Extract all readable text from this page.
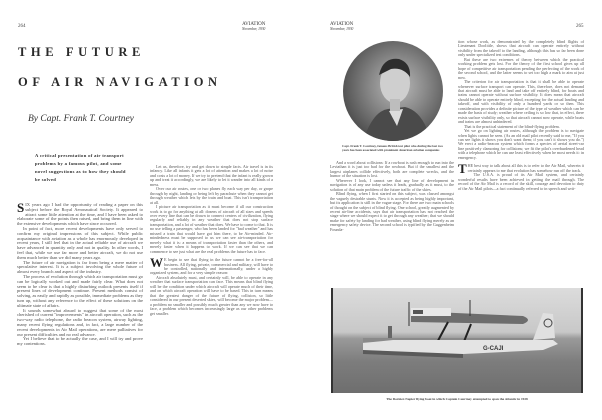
264	AVIATION
November, 1930
THE FUTURE
OF AIR NAVIGATION
By Capt. Frank T. Courtney
A critical presentation of air transport problems by a famous pilot, and some novel suggestions as to how they should be solved

SIX years ago I had the opportunity of reading a paper on this subject before the Royal Aeronautical Society. It appeared to attract some little attention at the time, and I have been asked to elaborate some of the points then raised, and bring them in line with the extensive developments which have since occurred.

In point of fact, more recent developments have only served to confirm my original impressions of this subject. While public acquaintance with aviation as a whole has enormously developed in recent years, I still feel that in the actual reliable use of aircraft we have advanced in quantity only and not in quality. In other words, I feel that, while we use far more and better aircraft, we do not use them much better than we did many years ago.

The future of air navigation is far from being a mere matter of speculative interest. It is a subject involving the whole future of almost every branch and aspect of the industry.

The process of evolution through which air transportation must go can be logically worked out and made fairly clear. What does not seem to be clear is that a highly disturbing outlook presents itself if present lines of development continue. Present methods consist of solving, as easily and rapidly as possible, immediate problems as they turn up, without any reference to the effect of these solutions on the ultimate state of affairs.

It sounds somewhat absurd to suggest that some of the most cherished of current "improvements" in aircraft operation, such as the two-way radio telephone, the radio beacon system, airway lighting, many recent flying regulations and, in fact, a large number of the recent developments in Air Mail operations, are mere palliatives for our present difficulties and no real advance.

Yet I believe that to be actually the case, and I will try and prove my contentions.

Let us, therefore, try and get down to simple facts. Air travel is in its infancy. Like all infants it gets a lot of attention and makes a lot of noise and costs a lot of money. If we try to pretend that the infant is really grown up and treat it accordingly, we are likely to let it wander into all kinds of a mess.

Over our air routes, one or two planes fly each way per day, or grope through by night, landing or being left by parachute when they cannot get through weather which lets by the train and boat. This isn't transportation at all.

I picture air transportation as it must become if all our construction work is to go for anything at all: dozens of aircraft of all sizes and speeds over every line that can be drawn to connect centers of civilization, flying regularly and reliably in any weather that does not stop surface transportation, and a lot of weather that does. We have to come to that. It is no use telling a passenger, who has been landed for "bad weather" and has missed a train that would have got him there, to be Air-minded. Air-mindedness must be supposed to us we can see air-transportation for merely what it is: a means of transportation faster than the others, and merely faster when it happens to work. If we can see that we can commence to see just what are the real problems the future has to face.

W E begin to see that flying in the future cannot be a free-for-all business. All flying, private, commercial and military, will have to be controlled, nationally and internationally, under a highly organized system, and for a very simple reason:

Aircraft absolutely must, and certainly will, be able to operate in any weather that surface transportation can face. This means that blind flying will be the condition under which aircraft will operate much of their time, and on which aircraft operation will have to be based. This in turn means that the greatest danger of the future of flying, collision, so little considered in our present deserted skies, will become the major problem—a problem no smaller and possibly much greater than any we now have to face, a problem which becomes increasingly large as our other problems get smaller.

AVIATION
November, 1930	265
Capt. Frank T. Courtney, famous British test pilot who during the last two years has been associated with prominent American aviation companies

And a word about collisions: If a rowboat is rash enough to run into the Leviathan it is just too bad for the rowboat. But if the smallest and the largest airplanes collide effectively, both are complete wrecks, and the humor of the situation is lost.

Wherever I look, I cannot see that any line of development in navigation is of any use today unless it leads, gradually as it must, to the solution of that main problem of the future traffic of the skies.

Blind flying, when I first started on this subject, was classed amongst the vaguely desirable stunts. Now it is accepted as being highly important, but its application is still in the vague stage. For there are two main schools of thought on the subject of blind flying. One school, greatly augmented by recent air-line accidents, says that air transportation has not reached the stage where we should expect it to get through any weather; that we should make for safety by landing for bad weather, using blind flying merely as an emergency safety device. The second school is typified by the Guggenheim Founda-

tion whose work, as demonstrated by the completely blind flights of Lieutenant Doolittle, shows that aircraft can operate entirely without visibility from the takeoff to the landing, although this has so far been done only under specialized test conditions.

But these are two extremes of theory between which the practical working problem gets lost. For the theory of the first school gives up all hope of competitive air transportation pending the perfecting of the work of the second school, and the latter seems to set too high a mark to aim at just now.

The criterion for air transportation is that it shall be able to operate whenever surface transport can operate. This, therefore, does not demand that aircraft must be able to land and take off entirely blind, for boats and trains cannot operate without surface visibility. It does mean that aircraft should be able to operate entirely blind, excepting for the actual landing and takeoff, and with visibility of only a hundred yards or so then. This consideration provides a definite picture of the type of weather which can be made the basis of study; weather where ceiling is so low that, in effect, there exists surface visibility only, so that aircraft cannot now operate, while boats and trains are almost unhindered.

That is the practical statement of the blind-flying problem.

Yet we go on lighting air routes, although the problem is to navigate when lights cannot be seen. (As an old mail pilot recently said to me, "If you can see lights it shows you don't want them; if you can't it shows you do.") We erect a radio-beacon system which forms a species of aerial street-car line positively clamoring for collisions; we fit the pilot's overburdened head with a telephone which he can use least effectively when he most needs it: in emergency.

THE best way to talk about all this is to refer to the Air Mail, wherein it certainly appears to me that evolution has somehow run off the track.

The U.S.A. is proud of its Air Mail system, and certainly wonderful results have been achieved in getting the mail through. The record of the Air Mail is a record of the skill, courage and devotion to duty of the Air Mail pilots—a fact continually referred to in speech and writ-

G-CAJI
The Dornier-Napier flying boat in which Captain Courtney attempted to span the Atlantic in 1928
